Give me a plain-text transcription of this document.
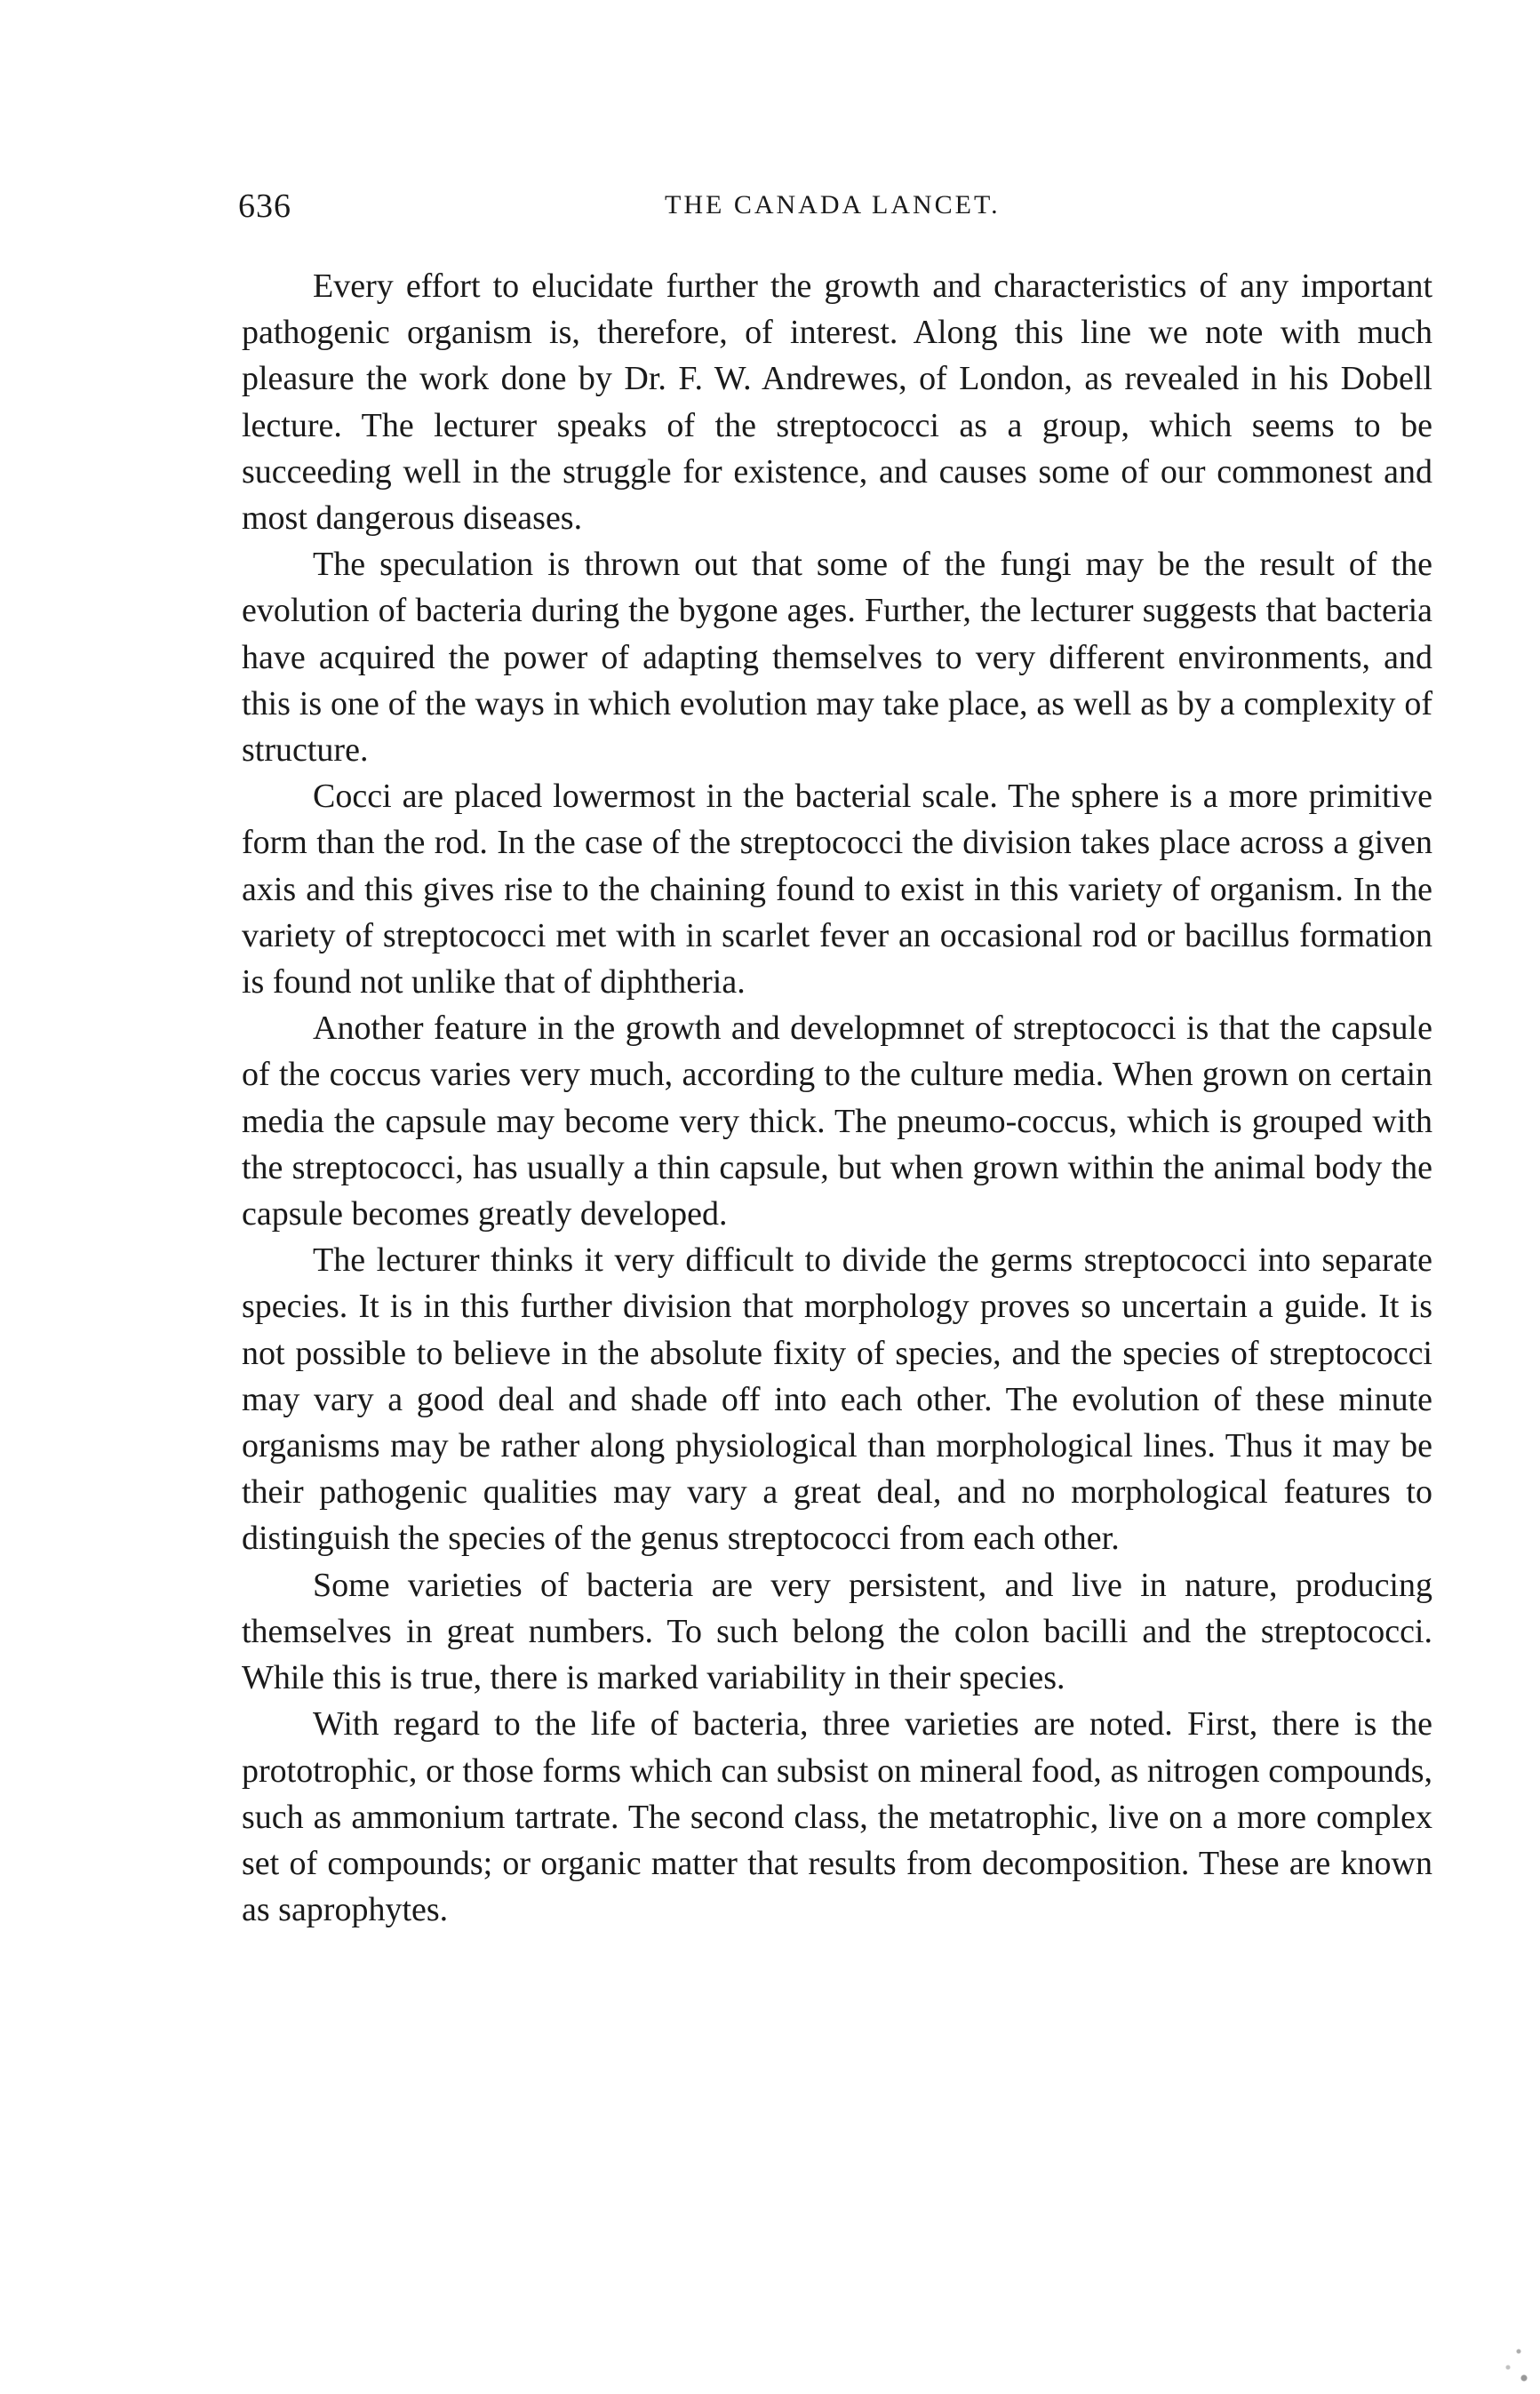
636	THE CANADA LANCET.

Every effort to elucidate further the growth and characteristics of any important pathogenic organism is, therefore, of interest. Along this line we note with much pleasure the work done by Dr. F. W. Andrewes, of London, as revealed in his Dobell lecture. The lecturer speaks of the streptococci as a group, which seems to be succeeding well in the struggle for existence, and causes some of our commonest and most dangerous diseases.

The speculation is thrown out that some of the fungi may be the result of the evolution of bacteria during the bygone ages. Further, the lecturer suggests that bacteria have acquired the power of adapting themselves to very different environments, and this is one of the ways in which evolution may take place, as well as by a complexity of structure.

Cocci are placed lowermost in the bacterial scale. The sphere is a more primitive form than the rod. In the case of the streptococci the division takes place across a given axis and this gives rise to the chaining found to exist in this variety of organism. In the variety of streptococci met with in scarlet fever an occasional rod or bacillus formation is found not unlike that of diphtheria.

Another feature in the growth and developmnet of streptococci is that the capsule of the coccus varies very much, according to the culture media. When grown on certain media the capsule may become very thick. The pneumo-coccus, which is grouped with the streptococci, has usually a thin capsule, but when grown within the animal body the capsule becomes greatly developed.

The lecturer thinks it very difficult to divide the germs streptococci into separate species. It is in this further division that morphology proves so uncertain a guide. It is not possible to believe in the absolute fixity of species, and the species of streptococci may vary a good deal and shade off into each other. The evolution of these minute organisms may be rather along physiological than morphological lines. Thus it may be their pathogenic qualities may vary a great deal, and no morphological features to distinguish the species of the genus streptococci from each other.

Some varieties of bacteria are very persistent, and live in nature, producing themselves in great numbers. To such belong the colon bacilli and the streptococci. While this is true, there is marked variability in their species.

With regard to the life of bacteria, three varieties are noted. First, there is the prototrophic, or those forms which can subsist on mineral food, as nitrogen compounds, such as ammonium tartrate. The second class, the metatrophic, live on a more complex set of compounds; or organic matter that results from decomposition. These are known as saprophytes.
